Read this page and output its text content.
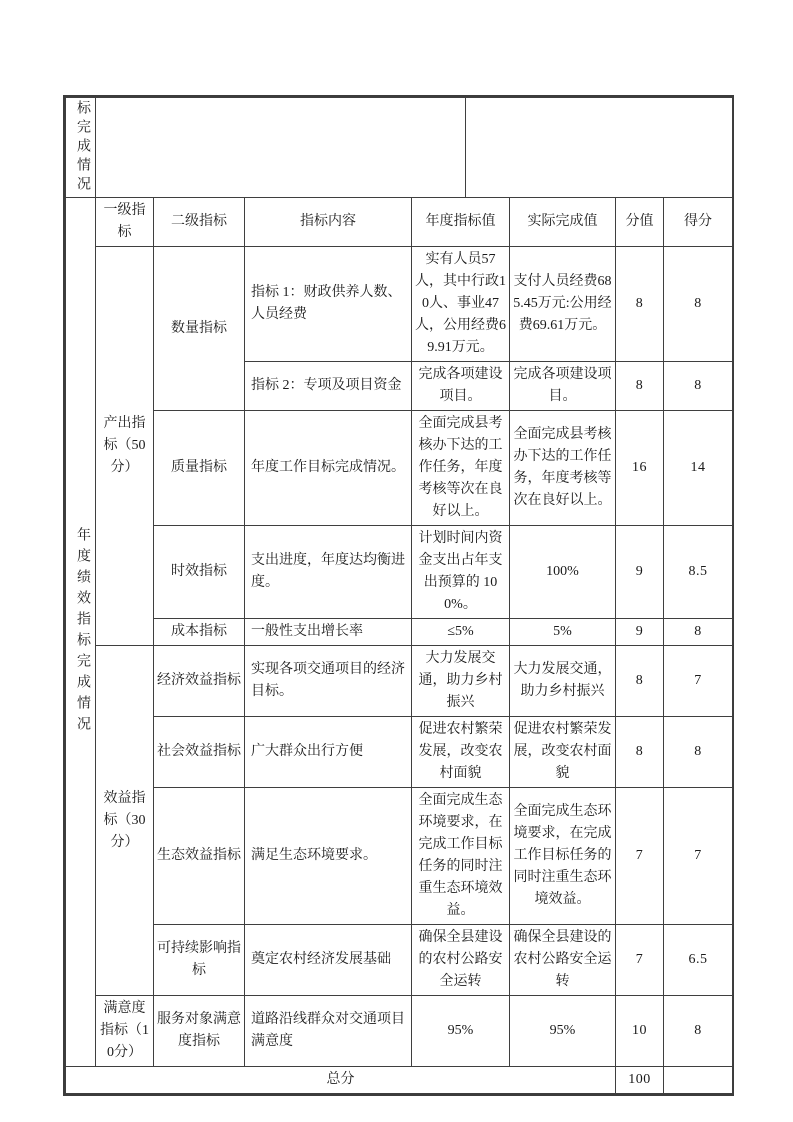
标完成情况		
年度绩效指标完成情况	一级指标	二级指标	指标内容	年度指标值	实际完成值	分值	得分
	产出指标（50分）	数量指标	指标 1：财政供养人数、人员经费	实有人员57人，其中行政10人、事业47人，公用经费69.91万元。	支付人员经费685.45万元:公用经费69.61万元。	8	8
			指标 2：专项及项目资金	完成各项建设项目。	完成各项建设项目。	8	8
		质量指标	年度工作目标完成情况。	全面完成县考核办下达的工作任务，年度考核等次在良好以上。	全面完成县考核办下达的工作任务，年度考核等次在良好以上。	16	14
		时效指标	支出进度，年度达均衡进度。	计划时间内资金支出占年支出预算的 100%。	100%	9	8.5
		成本指标	一般性支出增长率	≤5%	5%	9	8
	效益指标（30分）	经济效益指标	实现各项交通项目的经济目标。	大力发展交通，助力乡村振兴	大力发展交通，助力乡村振兴	8	7
		社会效益指标	广大群众出行方便	促进农村繁荣发展，改变农村面貌	促进农村繁荣发展，改变农村面貌	8	8
		生态效益指标	满足生态环境要求。	全面完成生态环境要求，在完成工作目标任务的同时注重生态环境效益。	全面完成生态环境要求，在完成工作目标任务的同时注重生态环境效益。	7	7
		可持续影响指标	奠定农村经济发展基础	确保全县建设的农村公路安全运转	确保全县建设的农村公路安全运转	7	6.5
	满意度指标（10分）	服务对象满意度指标	道路沿线群众对交通项目满意度	95%	95%	10	8
总分						100	
